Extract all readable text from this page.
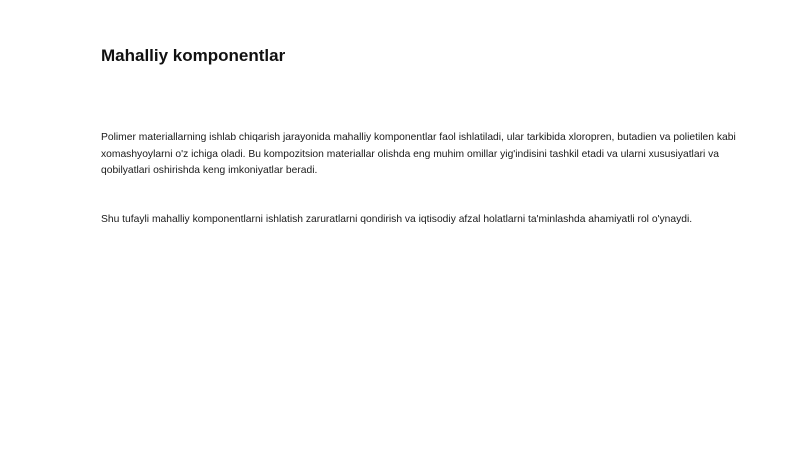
Mahalliy komponentlar

Polimer materiallarning ishlab chiqarish jarayonida mahalliy komponentlar faol ishlatiladi, ular tarkibida xloropren, butadien va polietilen kabi xomashyoylarni o'z ichiga oladi. Bu kompozitsion materiallar olishda eng muhim omillar yig'indisini tashkil etadi va ularni xususiyatlari va qobilyatlari oshirishda keng imkoniyatlar beradi.

Shu tufayli mahalliy komponentlarni ishlatish zaruratlarni qondirish va iqtisodiy afzal holatlarni ta'minlashda ahamiyatli rol o'ynaydi.
